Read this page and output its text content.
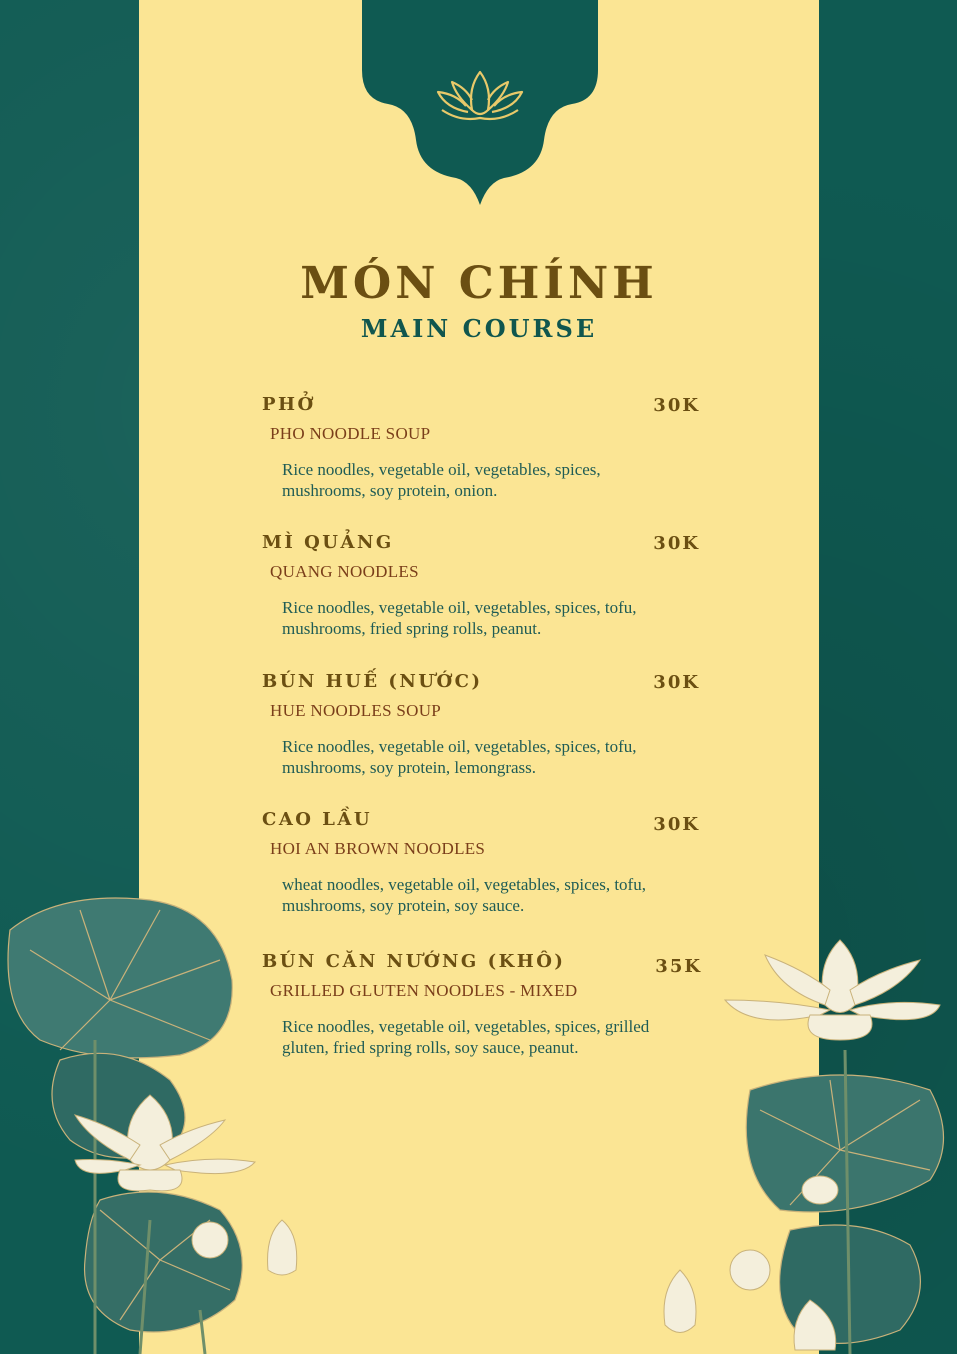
MÓN CHÍNH
MAIN COURSE
PHỞ	30K
PHO NOODLE SOUP
Rice noodles, vegetable oil, vegetables, spices, mushrooms, soy protein, onion.
MÌ QUẢNG	30K
QUANG NOODLES
Rice noodles, vegetable oil, vegetables, spices, tofu, mushrooms, fried spring rolls, peanut.
BÚN HUẾ (NƯỚC)	30K
HUE NOODLES SOUP
Rice noodles, vegetable oil, vegetables, spices, tofu, mushrooms, soy protein, lemongrass.
CAO LẦU	30K
HOI AN BROWN NOODLES
wheat noodles, vegetable oil, vegetables, spices, tofu, mushrooms, soy protein, soy sauce.
BÚN CĂN NƯỚNG (KHÔ)	35K
GRILLED GLUTEN NOODLES - MIXED
Rice noodles, vegetable oil, vegetables, spices, grilled gluten, fried spring rolls, soy sauce, peanut.
